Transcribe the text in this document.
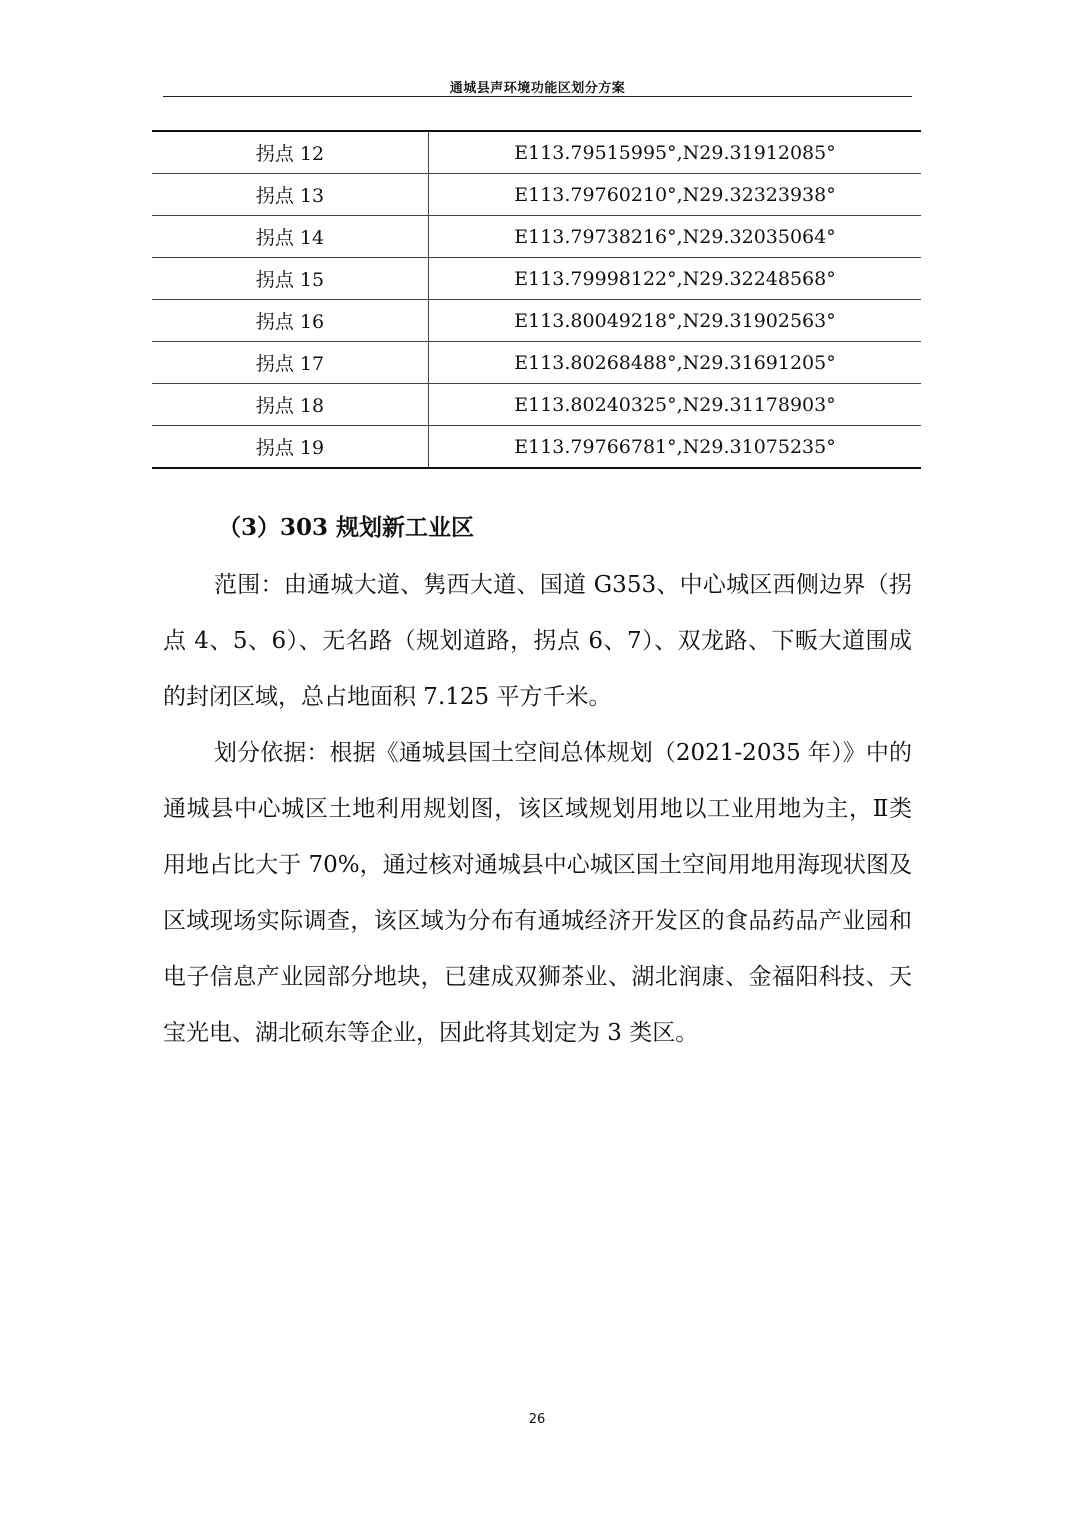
通城县声环境功能区划分方案
拐点 12	E113.79515995°,N29.31912085°
拐点 13	E113.79760210°,N29.32323938°
拐点 14	E113.79738216°,N29.32035064°
拐点 15	E113.79998122°,N29.32248568°
拐点 16	E113.80049218°,N29.31902563°
拐点 17	E113.80268488°,N29.31691205°
拐点 18	E113.80240325°,N29.31178903°
拐点 19	E113.79766781°,N29.31075235°
（3）303 规划新工业区

范围：由通城大道、隽西大道、国道 G353、中心城区西侧边界（拐点 4、5、6）、无名路（规划道路，拐点 6、7）、双龙路、下畈大道围成的封闭区域，总占地面积 7.125 平方千米。

划分依据：根据《通城县国土空间总体规划（2021-2035 年）》中的通城县中心城区土地利用规划图，该区域规划用地以工业用地为主，Ⅱ类用地占比大于 70%，通过核对通城县中心城区国土空间用地用海现状图及区域现场实际调查，该区域为分布有通城经济开发区的食品药品产业园和电子信息产业园部分地块，已建成双狮茶业、湖北润康、金福阳科技、天宝光电、湖北硕东等企业，因此将其划定为 3 类区。

26
